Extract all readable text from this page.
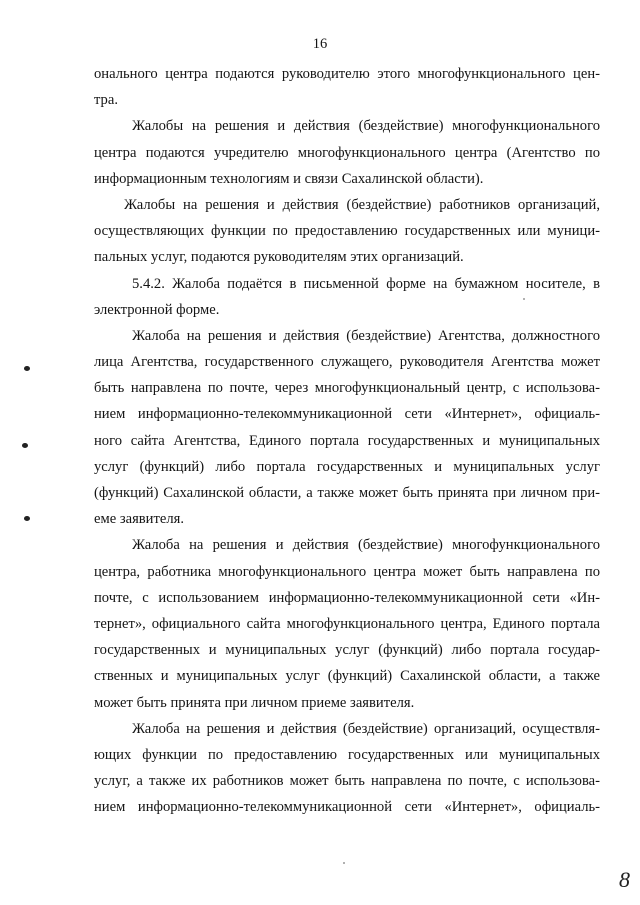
16
онального центра подаются руководителю этого многофункционального цен-
тра.
Жалобы на решения и действия (бездействие) многофункционального
центра подаются учредителю многофункционального центра (Агентство по
информационным технологиям и связи Сахалинской области).
Жалобы на решения и действия (бездействие) работников организаций,
осуществляющих функции по предоставлению государственных или муници-
пальных услуг, подаются руководителям этих организаций.
5.4.2. Жалоба подаётся в письменной форме на бумажном носителе, в
электронной форме.
Жалоба на решения и действия (бездействие) Агентства, должностного
лица Агентства, государственного служащего, руководителя Агентства может
быть направлена по почте, через многофункциональный центр, с использова-
нием информационно-телекоммуникационной сети «Интернет», официаль-
ного сайта Агентства, Единого портала государственных и муниципальных
услуг (функций) либо портала государственных и муниципальных услуг
(функций) Сахалинской области, а также может быть принята при личном при-
еме заявителя.
Жалоба на решения и действия (бездействие) многофункционального
центра, работника многофункционального центра может быть направлена по
почте, с использованием информационно-телекоммуникационной сети «Ин-
тернет», официального сайта многофункционального центра, Единого портала
государственных и муниципальных услуг (функций) либо портала государ-
ственных и муниципальных услуг (функций) Сахалинской области, а также
может быть принята при личном приеме заявителя.
Жалоба на решения и действия (бездействие) организаций, осуществля-
ющих функции по предоставлению государственных или муниципальных
услуг, а также их работников может быть направлена по почте, с использова-
нием информационно-телекоммуникационной сети «Интернет», официаль-
8
